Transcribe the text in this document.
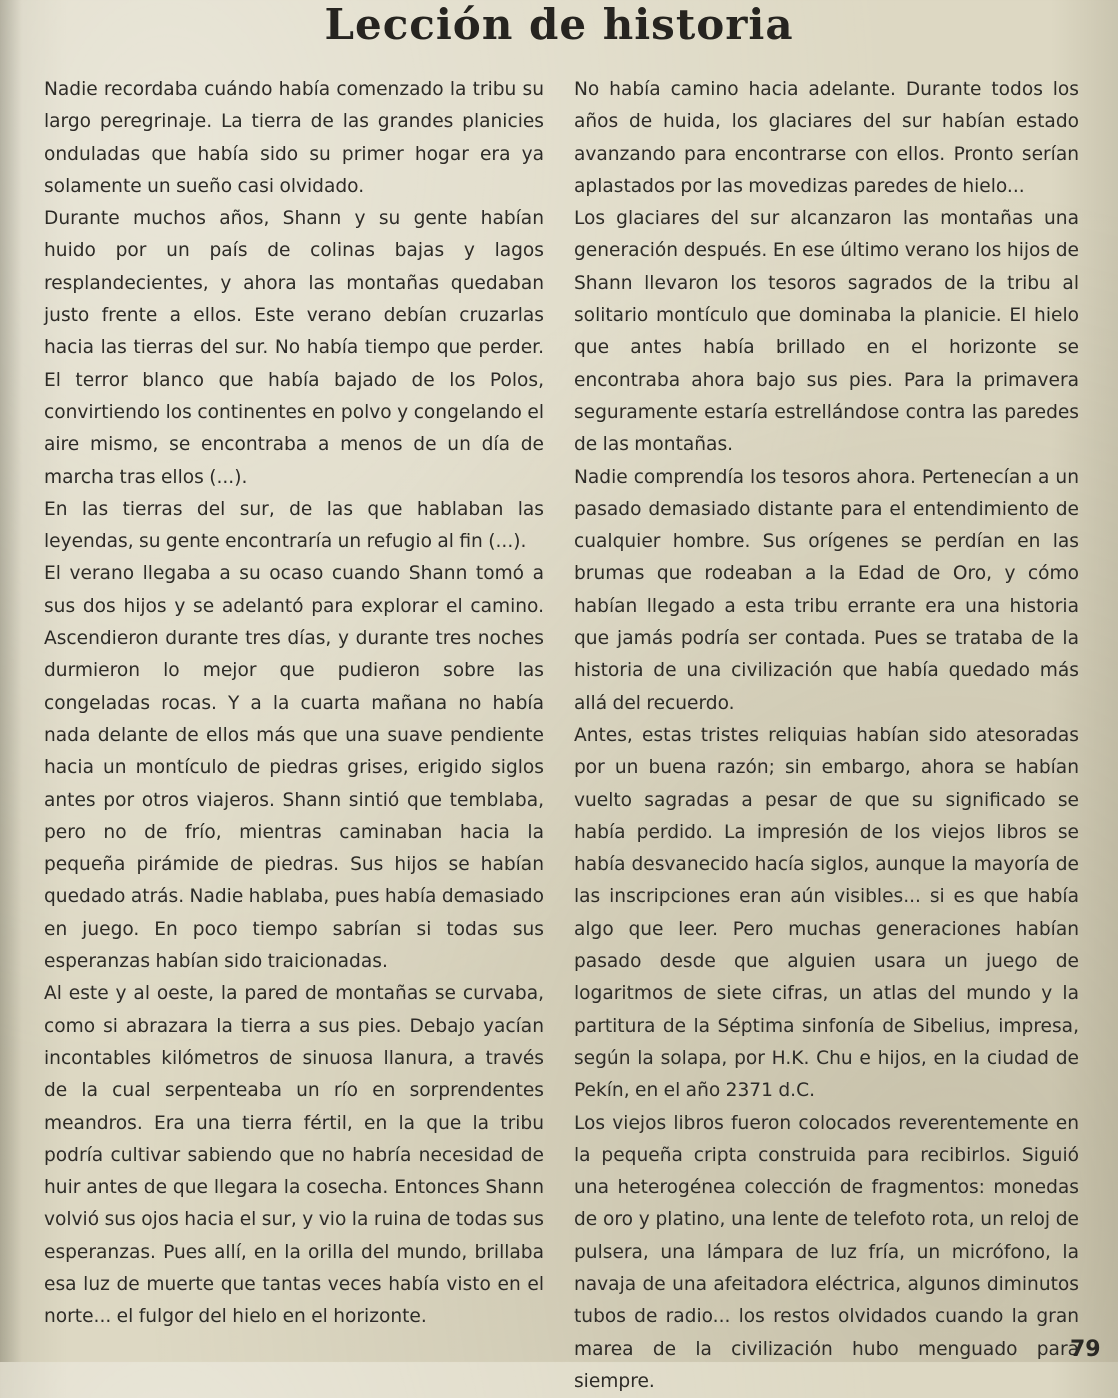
Lección de historia

Nadie recordaba cuándo había comenzado la tribu su largo peregrinaje. La tierra de las grandes planicies onduladas que había sido su primer hogar era ya solamente un sueño casi olvidado.

Durante muchos años, Shann y su gente habían huido por un país de colinas bajas y lagos resplandecientes, y ahora las montañas quedaban justo frente a ellos. Este verano debían cruzarlas hacia las tierras del sur. No había tiempo que perder. El terror blanco que había bajado de los Polos, convirtiendo los continentes en polvo y congelando el aire mismo, se encontraba a menos de un día de marcha tras ellos (...).

En las tierras del sur, de las que hablaban las leyendas, su gente encontraría un refugio al fin (...).

El verano llegaba a su ocaso cuando Shann tomó a sus dos hijos y se adelantó para explorar el camino. Ascendieron durante tres días, y durante tres noches durmieron lo mejor que pudieron sobre las congeladas rocas. Y a la cuarta mañana no había nada delante de ellos más que una suave pendiente hacia un montículo de piedras grises, erigido siglos antes por otros viajeros. Shann sintió que temblaba, pero no de frío, mientras caminaban hacia la pequeña pirámide de piedras. Sus hijos se habían quedado atrás. Nadie hablaba, pues había demasiado en juego. En poco tiempo sabrían si todas sus esperanzas habían sido traicionadas.

Al este y al oeste, la pared de montañas se curvaba, como si abrazara la tierra a sus pies. Debajo yacían incontables kilómetros de sinuosa llanura, a través de la cual serpenteaba un río en sorprendentes meandros. Era una tierra fértil, en la que la tribu podría cultivar sabiendo que no habría necesidad de huir antes de que llegara la cosecha. Entonces Shann volvió sus ojos hacia el sur, y vio la ruina de todas sus esperanzas. Pues allí, en la orilla del mundo, brillaba esa luz de muerte que tantas veces había visto en el norte... el fulgor del hielo en el horizonte.

No había camino hacia adelante. Durante todos los años de huida, los glaciares del sur habían estado avanzando para encontrarse con ellos. Pronto serían aplastados por las movedizas paredes de hielo...

Los glaciares del sur alcanzaron las montañas una generación después. En ese último verano los hijos de Shann llevaron los tesoros sagrados de la tribu al solitario montículo que dominaba la planicie. El hielo que antes había brillado en el horizonte se encontraba ahora bajo sus pies. Para la primavera seguramente estaría estrellándose contra las paredes de las montañas.

Nadie comprendía los tesoros ahora. Pertenecían a un pasado demasiado distante para el entendimiento de cualquier hombre. Sus orígenes se perdían en las brumas que rodeaban a la Edad de Oro, y cómo habían llegado a esta tribu errante era una historia que jamás podría ser contada. Pues se trataba de la historia de una civilización que había quedado más allá del recuerdo.

Antes, estas tristes reliquias habían sido atesoradas por un buena razón; sin embargo, ahora se habían vuelto sagradas a pesar de que su significado se había perdido. La impresión de los viejos libros se había desvanecido hacía siglos, aunque la mayoría de las inscripciones eran aún visibles... si es que había algo que leer. Pero muchas generaciones habían pasado desde que alguien usara un juego de logaritmos de siete cifras, un atlas del mundo y la partitura de la Séptima sinfonía de Sibelius, impresa, según la solapa, por H.K. Chu e hijos, en la ciudad de Pekín, en el año 2371 d.C.

Los viejos libros fueron colocados reverentemente en la pequeña cripta construida para recibirlos. Siguió una heterogénea colección de fragmentos: monedas de oro y platino, una lente de telefoto rota, un reloj de pulsera, una lámpara de luz fría, un micrófono, la navaja de una afeitadora eléctrica, algunos diminutos tubos de radio... los restos olvidados cuando la gran marea de la civilización hubo menguado para siempre.

79
